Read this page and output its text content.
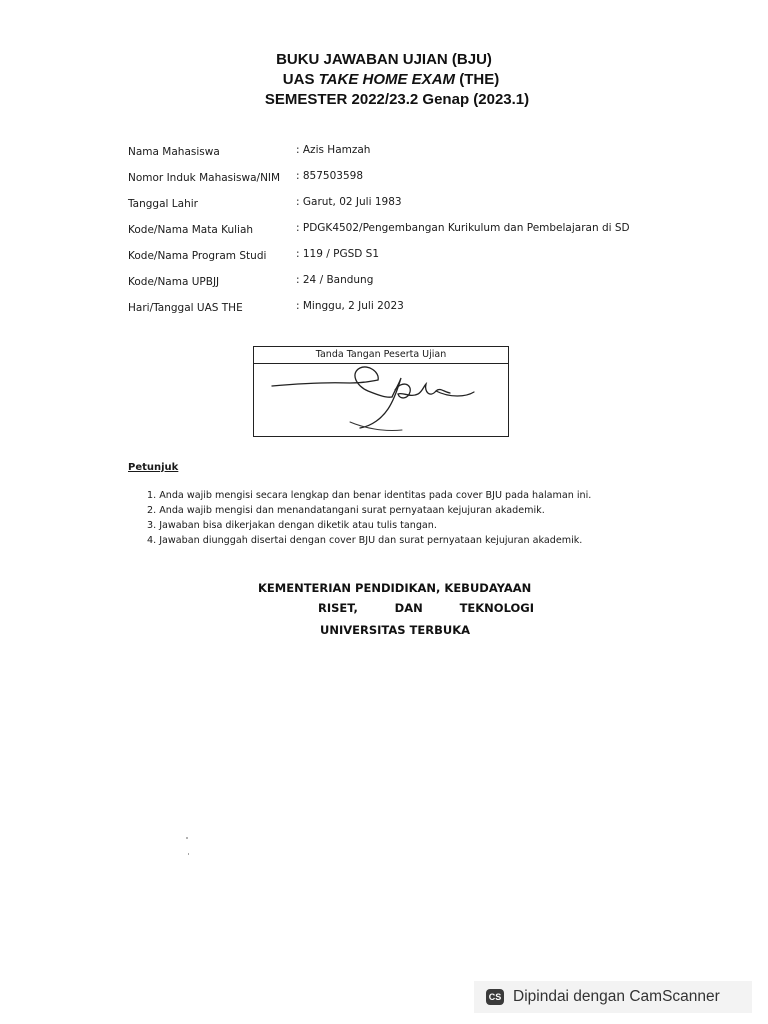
BUKU JAWABAN UJIAN (BJU)
UAS TAKE HOME EXAM (THE)
SEMESTER 2022/23.2 Genap (2023.1)
Nama Mahasiswa	: Azis Hamzah
Nomor Induk Mahasiswa/NIM : 857503598
Tanggal Lahir	: Garut, 02 Juli 1983
Kode/Nama Mata Kuliah	: PDGK4502/Pengembangan Kurikulum dan Pembelajaran di SD
Kode/Nama Program Studi	: 119 / PGSD S1
Kode/Nama UPBJJ	: 24 / Bandung
Hari/Tanggal UAS THE	: Minggu, 2 Juli 2023
Tanda Tangan Peserta Ujian
Petunjuk
1. Anda wajib mengisi secara lengkap dan benar identitas pada cover BJU pada halaman ini.
2. Anda wajib mengisi dan menandatangani surat pernyataan kejujuran akademik.
3. Jawaban bisa dikerjakan dengan diketik atau tulis tangan.
4. Jawaban diunggah disertai dengan cover BJU dan surat pernyataan kejujuran akademik.
KEMENTERIAN PENDIDIKAN, KEBUDAYAAN
RISET,	DAN	TEKNOLOGI
UNIVERSITAS TERBUKA
CS Dipindai dengan CamScanner
